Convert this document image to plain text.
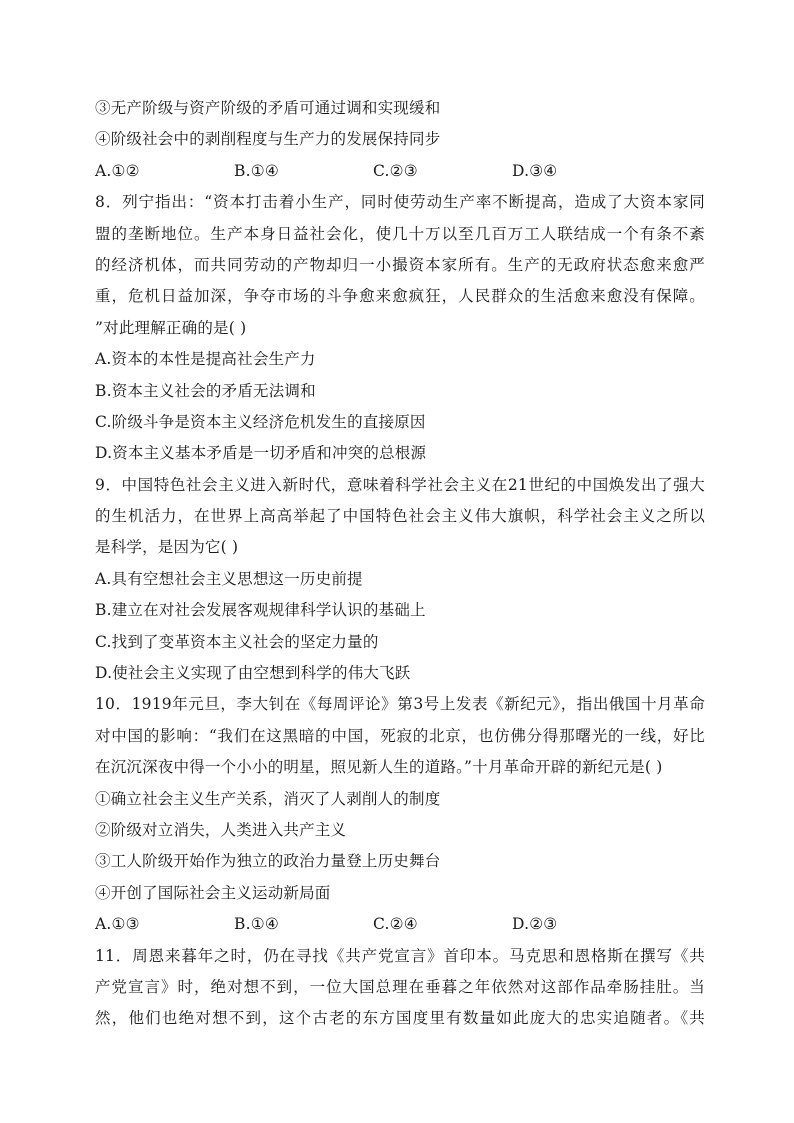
③无产阶级与资产阶级的矛盾可通过调和实现缓和
④阶级社会中的剥削程度与生产力的发展保持同步
A.①②	B.①④	C.②③	D.③④
8．列宁指出：“资本打击着小生产，同时使劳动生产率不断提高，造成了大资本家同
盟的垄断地位。生产本身日益社会化，使几十万以至几百万工人联结成一个有条不紊
的经济机体，而共同劳动的产物却归一小撮资本家所有。生产的无政府状态愈来愈严
重，危机日益加深，争夺市场的斗争愈来愈疯狂，人民群众的生活愈来愈没有保障。
”对此理解正确的是( )
A.资本的本性是提高社会生产力
B.资本主义社会的矛盾无法调和
C.阶级斗争是资本主义经济危机发生的直接原因
D.资本主义基本矛盾是一切矛盾和冲突的总根源
9．中国特色社会主义进入新时代，意味着科学社会主义在21世纪的中国焕发出了强大
的生机活力，在世界上高高举起了中国特色社会主义伟大旗帜，科学社会主义之所以
是科学，是因为它( )
A.具有空想社会主义思想这一历史前提
B.建立在对社会发展客观规律科学认识的基础上
C.找到了变革资本主义社会的坚定力量的
D.使社会主义实现了由空想到科学的伟大飞跃
10．1919年元旦，李大钊在《每周评论》第3号上发表《新纪元》，指出俄国十月革命
对中国的影响：“我们在这黑暗的中国，死寂的北京，也仿佛分得那曙光的一线，好比
在沉沉深夜中得一个小小的明星，照见新人生的道路。”十月革命开辟的新纪元是( )
①确立社会主义生产关系，消灭了人剥削人的制度
②阶级对立消失，人类进入共产主义
③工人阶级开始作为独立的政治力量登上历史舞台
④开创了国际社会主义运动新局面
A.①③	B.①④	C.②④	D.②③
11．周恩来暮年之时，仍在寻找《共产党宣言》首印本。马克思和恩格斯在撰写《共
产党宣言》时，绝对想不到，一位大国总理在垂暮之年依然对这部作品牵肠挂肚。当
然，他们也绝对想不到，这个古老的东方国度里有数量如此庞大的忠实追随者。《共
